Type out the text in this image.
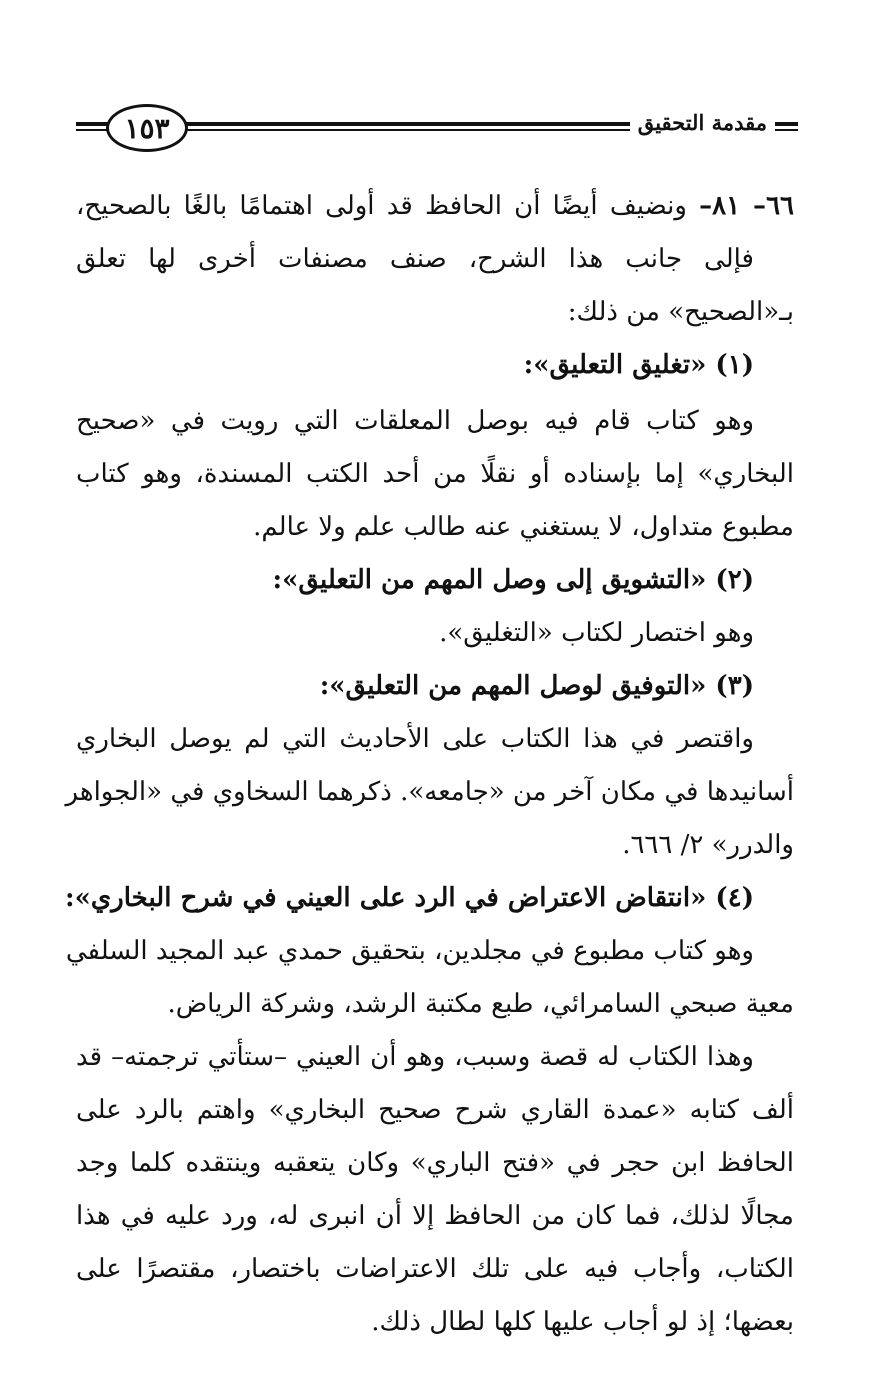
١٥٣	مقدمة التحقيق
٦٦– ٨١– ونضيف أيضًا أن الحافظ قد أولى اهتمامًا بالغًا بالصحيح،
فإلى جانب هذا الشرح، صنف مصنفات أخرى لها تعلق
بـ«الصحيح» من ذلك:
(١) «تغليق التعليق»:
وهو كتاب قام فيه بوصل المعلقات التي رويت في «صحيح
البخاري» إما بإسناده أو نقلًا من أحد الكتب المسندة، وهو كتاب
مطبوع متداول، لا يستغني عنه طالب علم ولا عالم.
(٢) «التشويق إلى وصل المهم من التعليق»:
وهو اختصار لكتاب «التغليق».
(٣) «التوفيق لوصل المهم من التعليق»:
واقتصر في هذا الكتاب على الأحاديث التي لم يوصل البخاري
أسانيدها في مكان آخر من «جامعه». ذكرهما السخاوي في «الجواهر
والدرر» ٢/ ٦٦٦.
(٤) «انتقاض الاعتراض في الرد على العيني في شرح البخاري»:
وهو كتاب مطبوع في مجلدين، بتحقيق حمدي عبد المجيد السلفي
معية صبحي السامرائي، طبع مكتبة الرشد، وشركة الرياض.
وهذا الكتاب له قصة وسبب، وهو أن العيني –ستأتي ترجمته– قد
ألف كتابه «عمدة القاري شرح صحيح البخاري» واهتم بالرد على
الحافظ ابن حجر في «فتح الباري» وكان يتعقبه وينتقده كلما وجد
مجالًا لذلك، فما كان من الحافظ إلا أن انبرى له، ورد عليه في هذا
الكتاب، وأجاب فيه على تلك الاعتراضات باختصار، مقتصرًا على
بعضها؛ إذ لو أجاب عليها كلها لطال ذلك.
